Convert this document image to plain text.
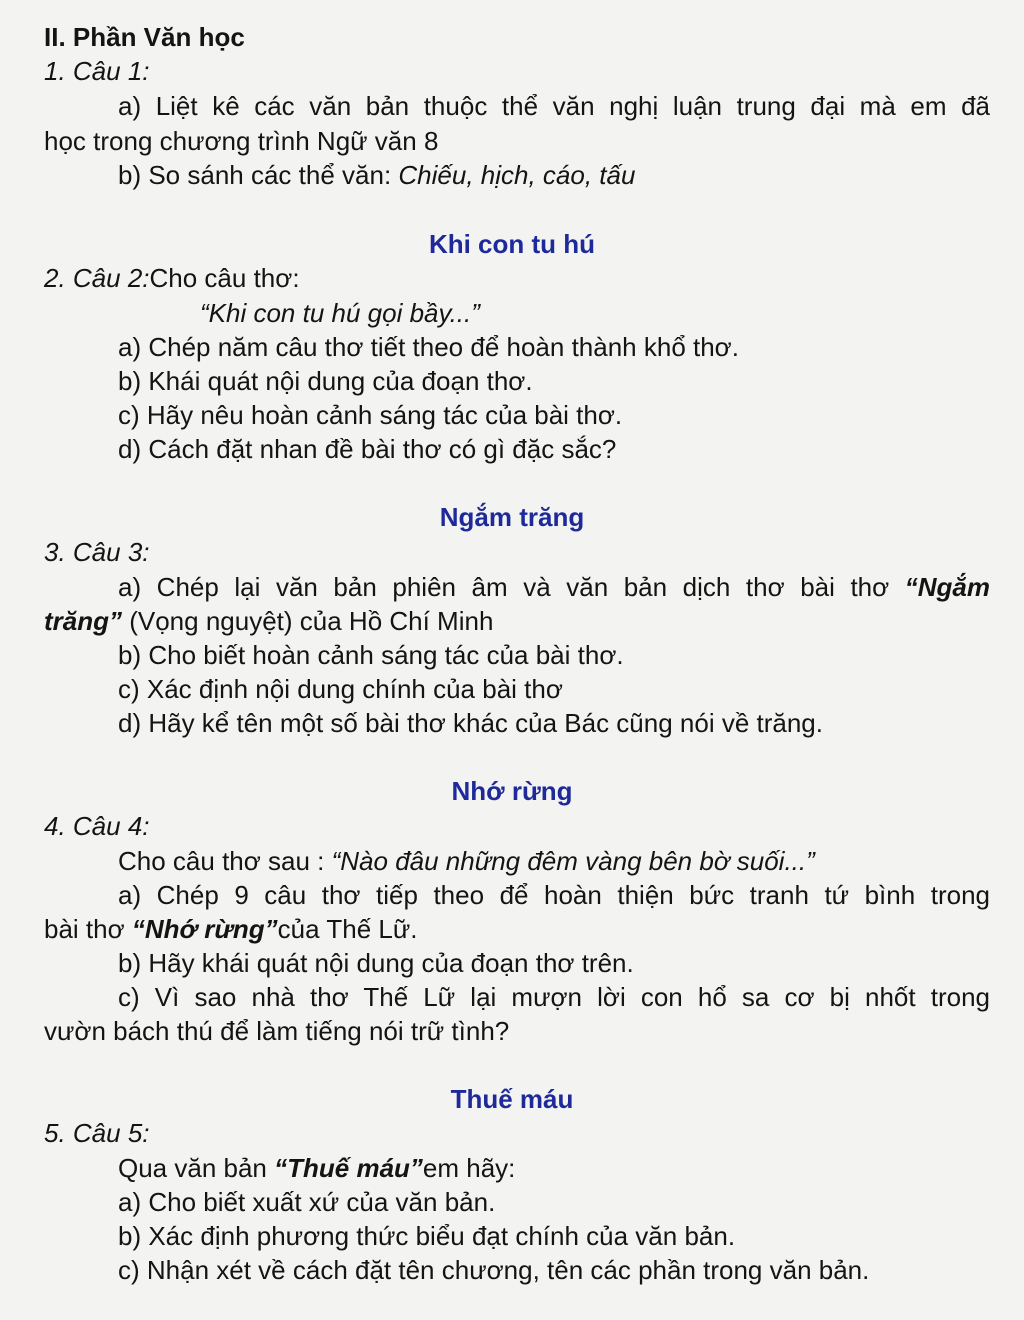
II. Phần Văn học
1. Câu 1:
a) Liệt kê các văn bản thuộc thể văn nghị luận trung đại mà em đã
học trong chương trình Ngữ văn 8
b) So sánh các thể văn: Chiếu, hịch, cáo, tấu
Khi con tu hú
2. Câu 2:Cho câu thơ:
“Khi con tu hú gọi bầy...”
a) Chép năm câu thơ tiết theo để hoàn thành khổ thơ.
b) Khái quát nội dung của đoạn thơ.
c) Hãy nêu hoàn cảnh sáng tác của bài thơ.
d) Cách đặt nhan đề bài thơ có gì đặc sắc?
Ngắm trăng
3. Câu 3:
a) Chép lại văn bản phiên âm và văn bản dịch thơ bài thơ “Ngắm
trăng” (Vọng nguyệt) của Hồ Chí Minh
b) Cho biết hoàn cảnh sáng tác của bài thơ.
c) Xác định nội dung chính của bài thơ
d) Hãy kể tên một số bài thơ khác của Bác cũng nói về trăng.
Nhớ rừng
4. Câu 4:
Cho câu thơ sau : “Nào đâu những đêm vàng bên bờ suối...”
a) Chép 9 câu thơ tiếp theo để hoàn thiện bức tranh tứ bình trong
bài thơ “Nhớ rừng”của Thế Lữ.
b) Hãy khái quát nội dung của đoạn thơ trên.
c) Vì sao nhà thơ Thế Lữ lại mượn lời con hổ sa cơ bị nhốt trong
vườn bách thú để làm tiếng nói trữ tình?
Thuế máu
5. Câu 5:
Qua văn bản “Thuế máu”em hãy:
a) Cho biết xuất xứ của văn bản.
b) Xác định phương thức biểu đạt chính của văn bản.
c) Nhận xét về cách đặt tên chương, tên các phần trong văn bản.
